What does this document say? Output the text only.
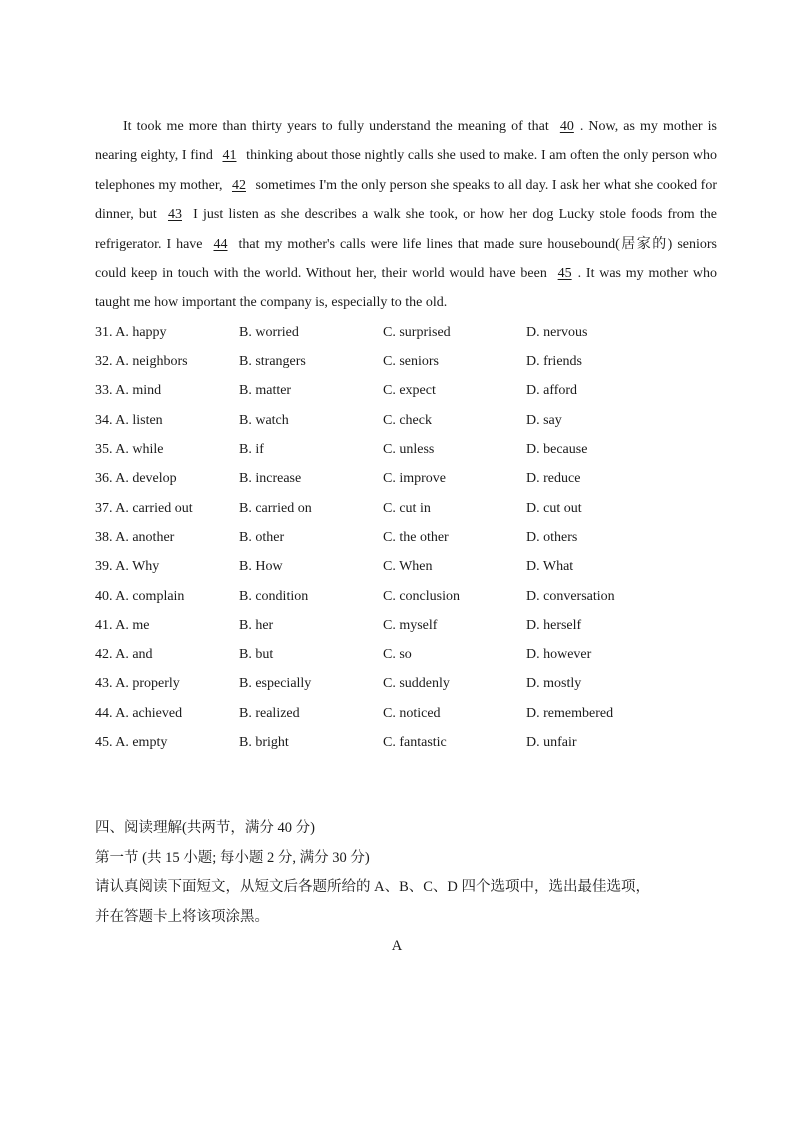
It took me more than thirty years to fully understand the meaning of that 40 . Now, as my mother is nearing eighty, I find 41 thinking about those nightly calls she used to make. I am often the only person who telephones my mother, 42 sometimes I'm the only person she speaks to all day. I ask her what she cooked for dinner, but 43 I just listen as she describes a walk she took, or how her dog Lucky stole foods from the refrigerator. I have 44 that my mother's calls were life lines that made sure housebound(居家的) seniors could keep in touch with the world. Without her, their world would have been 45 . It was my mother who taught me how important the company is, especially to the old.

31. A. happy	B. worried	C. surprised	D. nervous
32. A. neighbors	B. strangers	C. seniors	D. friends
33. A. mind	B. matter	C. expect	D. afford
34. A. listen	B. watch	C. check	D. say
35. A. while	B. if	C. unless	D. because
36. A. develop	B. increase	C. improve	D. reduce
37. A. carried out	B. carried on	C. cut in	D. cut out
38. A. another	B. other	C. the other	D. others
39. A. Why	B. How	C. When	D. What
40. A. complain	B. condition	C. conclusion	D. conversation
41. A. me	B. her	C. myself	D. herself
42. A. and	B. but	C. so	D. however
43. A. properly	B. especially	C. suddenly	D. mostly
44. A. achieved	B. realized	C. noticed	D. remembered
45. A. empty	B. bright	C. fantastic	D. unfair
四、阅读理解(共两节，满分 40 分)
第一节 (共 15 小题; 每小题 2 分, 满分 30 分)
请认真阅读下面短文，从短文后各题所给的 A、B、C、D 四个选项中，选出最佳选项，
并在答题卡上将该项涂黑。
A
